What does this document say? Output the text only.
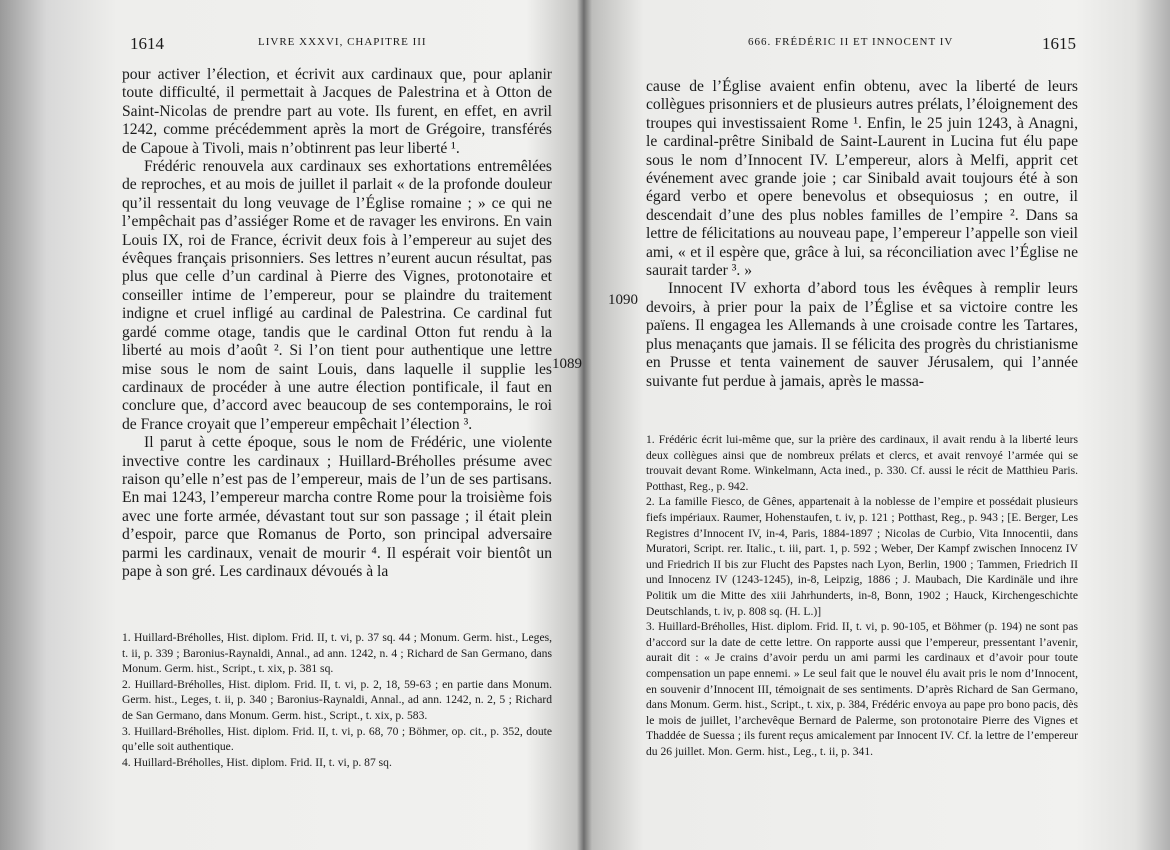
1614	LIVRE XXXVI, CHAPITRE III

pour activer l’élection, et écrivit aux cardinaux que, pour aplanir toute difficulté, il permettait à Jacques de Palestrina et à Otton de Saint-Nicolas de prendre part au vote. Ils furent, en effet, en avril 1242, comme précédemment après la mort de Grégoire, transférés de Capoue à Tivoli, mais n’obtinrent pas leur liberté ¹.

Frédéric renouvela aux cardinaux ses exhortations entremêlées de reproches, et au mois de juillet il parlait « de la profonde douleur qu’il ressentait du long veuvage de l’Église romaine ; » ce qui ne l’empêchait pas d’assiéger Rome et de ravager les environs. En vain Louis IX, roi de France, écrivit deux fois à l’empereur au sujet des évêques français prisonniers. Ses lettres n’eurent aucun résultat, pas plus que celle d’un cardinal à Pierre des Vignes, protonotaire et conseiller intime de l’empereur, pour se plaindre du traitement indigne et cruel infligé au cardinal de Palestrina. Ce cardinal fut gardé comme otage, tandis que le cardinal Otton fut rendu à la liberté au mois d’août ². Si l’on tient pour authentique une lettre mise sous le nom de saint Louis, dans laquelle il supplie les cardinaux de procéder à une autre élection pontificale, il faut en conclure que, d’accord avec beaucoup de ses contemporains, le roi de France croyait que l’empereur empêchait l’élection ³.

Il parut à cette époque, sous le nom de Frédéric, une violente invective contre les cardinaux ; Huillard-Bréholles présume avec raison qu’elle n’est pas de l’empereur, mais de l’un de ses partisans. En mai 1243, l’empereur marcha contre Rome pour la troisième fois avec une forte armée, dévastant tout sur son passage ; il était plein d’espoir, parce que Romanus de Porto, son principal adversaire parmi les cardinaux, venait de mourir ⁴. Il espérait voir bientôt un pape à son gré. Les cardinaux dévoués à la

1089

1. Huillard-Bréholles, Hist. diplom. Frid. II, t. vi, p. 37 sq. 44 ; Monum. Germ. hist., Leges, t. ii, p. 339 ; Baronius-Raynaldi, Annal., ad ann. 1242, n. 4 ; Richard de San Germano, dans Monum. Germ. hist., Script., t. xix, p. 381 sq.

2. Huillard-Bréholles, Hist. diplom. Frid. II, t. vi, p. 2, 18, 59-63 ; en partie dans Monum. Germ. hist., Leges, t. ii, p. 340 ; Baronius-Raynaldi, Annal., ad ann. 1242, n. 2, 5 ; Richard de San Germano, dans Monum. Germ. hist., Script., t. xix, p. 583.

3. Huillard-Bréholles, Hist. diplom. Frid. II, t. vi, p. 68, 70 ; Böhmer, op. cit., p. 352, doute qu’elle soit authentique.

4. Huillard-Bréholles, Hist. diplom. Frid. II, t. vi, p. 87 sq.

666. FRÉDÉRIC II ET INNOCENT IV	1615
1090

cause de l’Église avaient enfin obtenu, avec la liberté de leurs collègues prisonniers et de plusieurs autres prélats, l’éloignement des troupes qui investissaient Rome ¹. Enfin, le 25 juin 1243, à Anagni, le cardinal-prêtre Sinibald de Saint-Laurent in Lucina fut élu pape sous le nom d’Innocent IV. L’empereur, alors à Melfi, apprit cet événement avec grande joie ; car Sinibald avait toujours été à son égard verbo et opere benevolus et obsequiosus ; en outre, il descendait d’une des plus nobles familles de l’empire ². Dans sa lettre de félicitations au nouveau pape, l’empereur l’appelle son vieil ami, « et il espère que, grâce à lui, sa réconciliation avec l’Église ne saurait tarder ³. »

Innocent IV exhorta d’abord tous les évêques à remplir leurs devoirs, à prier pour la paix de l’Église et sa victoire contre les païens. Il engagea les Allemands à une croisade contre les Tartares, plus menaçants que jamais. Il se félicita des progrès du christianisme en Prusse et tenta vainement de sauver Jérusalem, qui l’année suivante fut perdue à jamais, après le massa-

1. Frédéric écrit lui-même que, sur la prière des cardinaux, il avait rendu à la liberté leurs deux collègues ainsi que de nombreux prélats et clercs, et avait renvoyé l’armée qui se trouvait devant Rome. Winkelmann, Acta ined., p. 330. Cf. aussi le récit de Matthieu Paris. Potthast, Reg., p. 942.

2. La famille Fiesco, de Gênes, appartenait à la noblesse de l’empire et possédait plusieurs fiefs impériaux. Raumer, Hohenstaufen, t. iv, p. 121 ; Potthast, Reg., p. 943 ; [E. Berger, Les Registres d’Innocent IV, in-4, Paris, 1884-1897 ; Nicolas de Curbio, Vita Innocentii, dans Muratori, Script. rer. Italic., t. iii, part. 1, p. 592 ; Weber, Der Kampf zwischen Innocenz IV und Friedrich II bis zur Flucht des Papstes nach Lyon, Berlin, 1900 ; Tammen, Friedrich II und Innocenz IV (1243-1245), in-8, Leipzig, 1886 ; J. Maubach, Die Kardinäle und ihre Politik um die Mitte des xiii Jahrhunderts, in-8, Bonn, 1902 ; Hauck, Kirchengeschichte Deutschlands, t. iv, p. 808 sq. (H. L.)]

3. Huillard-Bréholles, Hist. diplom. Frid. II, t. vi, p. 90-105, et Böhmer (p. 194) ne sont pas d’accord sur la date de cette lettre. On rapporte aussi que l’empereur, pressentant l’avenir, aurait dit : « Je crains d’avoir perdu un ami parmi les cardinaux et d’avoir pour toute compensation un pape ennemi. » Le seul fait que le nouvel élu avait pris le nom d’Innocent, en souvenir d’Innocent III, témoignait de ses sentiments. D’après Richard de San Germano, dans Monum. Germ. hist., Script., t. xix, p. 384, Frédéric envoya au pape pro bono pacis, dès le mois de juillet, l’archevêque Bernard de Palerme, son protonotaire Pierre des Vignes et Thaddée de Suessa ; ils furent reçus amicalement par Innocent IV. Cf. la lettre de l’empereur du 26 juillet. Mon. Germ. hist., Leg., t. ii, p. 341.
